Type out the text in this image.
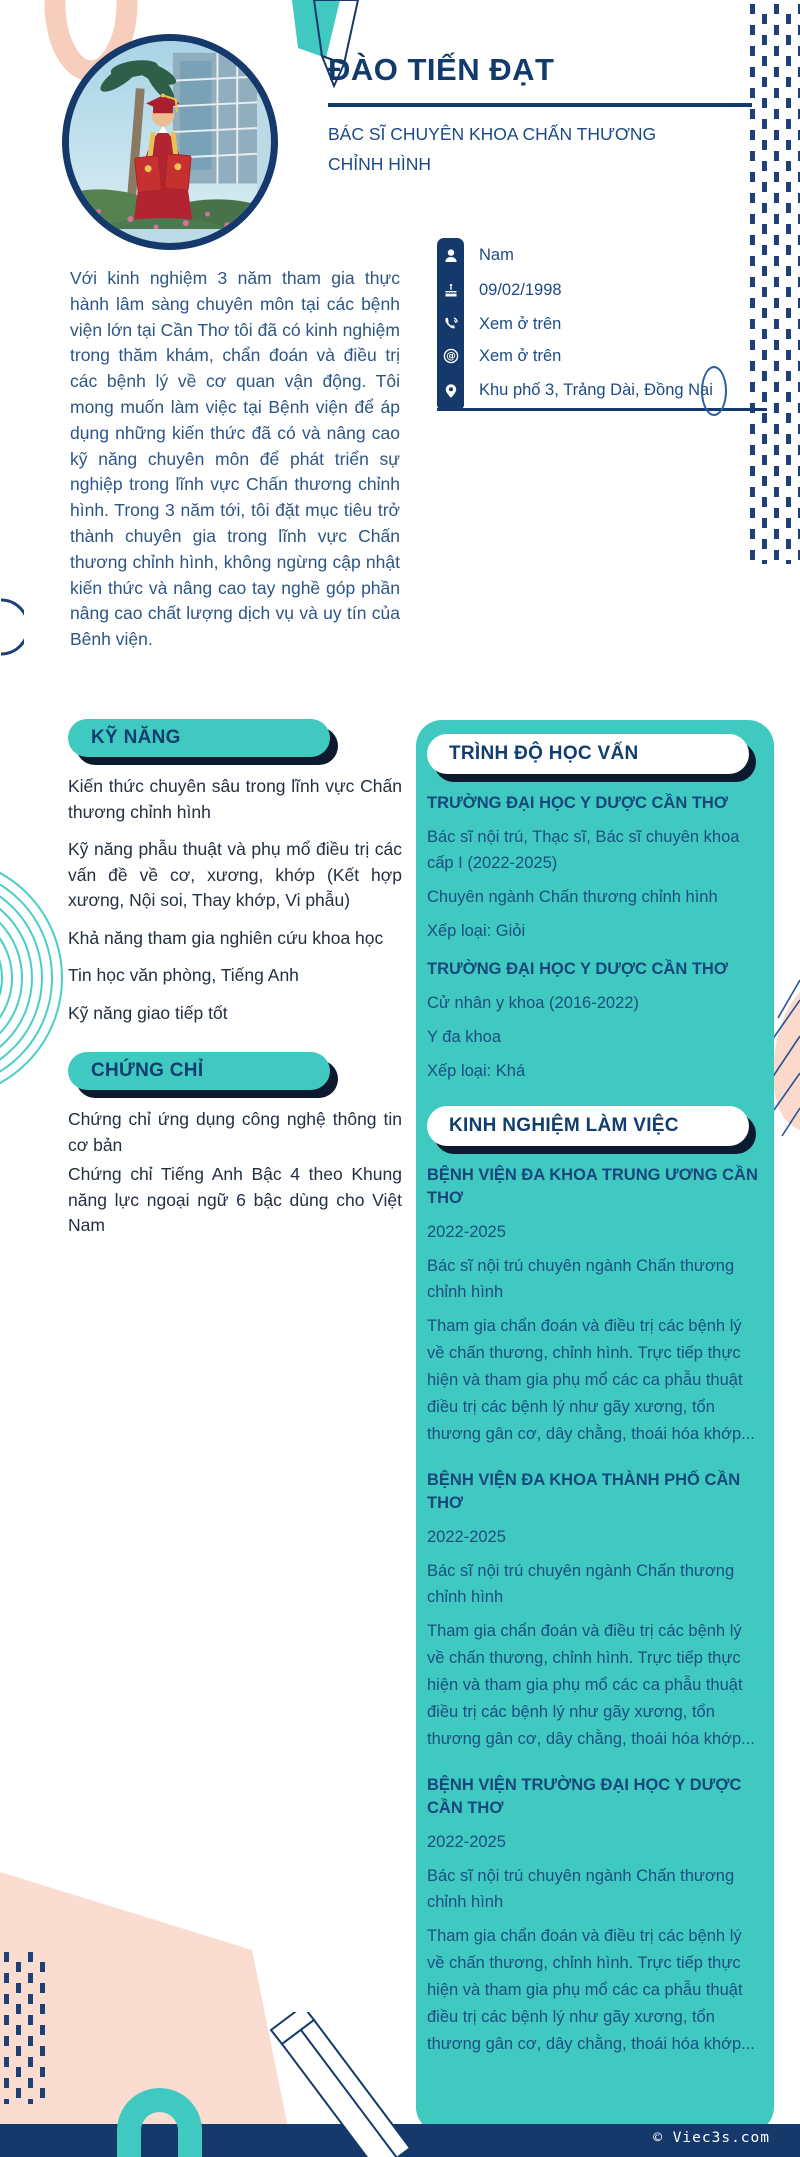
ĐÀO TIẾN ĐẠT
BÁC SĨ CHUYÊN KHOA CHẤN THƯƠNG CHỈNH HÌNH
Nam
09/02/1998
Xem ở trên
@	Xem ở trên
Khu phố 3, Trảng Dài, Đồng Nai
Với kinh nghiệm 3 năm tham gia thực hành lâm sàng chuyên môn tại các bệnh viện lớn tại Cần Thơ tôi đã có kinh nghiệm trong thăm khám, chẩn đoán và điều trị các bệnh lý về cơ quan vận động. Tôi mong muốn làm việc tại Bệnh viện để áp dụng những kiến thức đã có và nâng cao kỹ năng chuyên môn để phát triển sự nghiệp trong lĩnh vực Chấn thương chỉnh hình. Trong 3 năm tới, tôi đặt mục tiêu trở thành chuyên gia trong lĩnh vực Chấn thương chỉnh hình, không ngừng cập nhật kiến thức và nâng cao tay nghề góp phần nâng cao chất lượng dịch vụ và uy tín của Bênh viện.
KỸ NĂNG

Kiến thức chuyên sâu trong lĩnh vực Chấn thương chỉnh hình

Kỹ năng phẫu thuật và phụ mổ điều trị các vấn đề về cơ, xương, khớp (Kết hợp xương, Nội soi, Thay khớp, Vi phẫu)

Khả năng tham gia nghiên cứu khoa học

Tin học văn phòng, Tiếng Anh

Kỹ năng giao tiếp tốt

CHỨNG CHỈ

Chứng chỉ ứng dụng công nghệ thông tin cơ bản

Chứng chỉ Tiếng Anh Bậc 4 theo Khung năng lực ngoại ngữ 6 bậc dùng cho Việt Nam

TRÌNH ĐỘ HỌC VẤN

TRƯỜNG ĐẠI HỌC Y DƯỢC CẦN THƠ

Bác sĩ nội trú, Thạc sĩ, Bác sĩ chuyên khoa cấp I (2022-2025)

Chuyên ngành Chấn thương chỉnh hình

Xếp loại: Giỏi

TRƯỜNG ĐẠI HỌC Y DƯỢC CẦN THƠ

Cử nhân y khoa (2016-2022)

Y đa khoa

Xếp loại: Khá

KINH NGHIỆM LÀM VIỆC

BỆNH VIỆN ĐA KHOA TRUNG ƯƠNG CẦN THƠ

2022-2025

Bác sĩ nội trú chuyên ngành Chấn thương chỉnh hình

Tham gia chẩn đoán và điều trị các bệnh lý về chấn thương, chỉnh hình. Trực tiếp thực hiện và tham gia phụ mổ các ca phẫu thuật điều trị các bệnh lý như gãy xương, tổn thương gân cơ, dây chằng, thoái hóa khớp...

BỆNH VIỆN ĐA KHOA THÀNH PHỐ CẦN THƠ

2022-2025

Bác sĩ nội trú chuyên ngành Chấn thương chỉnh hình

Tham gia chẩn đoán và điều trị các bệnh lý về chấn thương, chỉnh hình. Trực tiếp thực hiện và tham gia phụ mổ các ca phẫu thuật điều trị các bệnh lý như gãy xương, tổn thương gân cơ, dây chằng, thoái hóa khớp...

BỆNH VIỆN TRƯỜNG ĐẠI HỌC Y DƯỢC CẦN THƠ

2022-2025

Bác sĩ nội trú chuyên ngành Chấn thương chỉnh hình

Tham gia chẩn đoán và điều trị các bệnh lý về chấn thương, chỉnh hình. Trực tiếp thực hiện và tham gia phụ mổ các ca phẫu thuật điều trị các bệnh lý như gãy xương, tổn thương gân cơ, dây chằng, thoái hóa khớp...

© Viec3s.com
